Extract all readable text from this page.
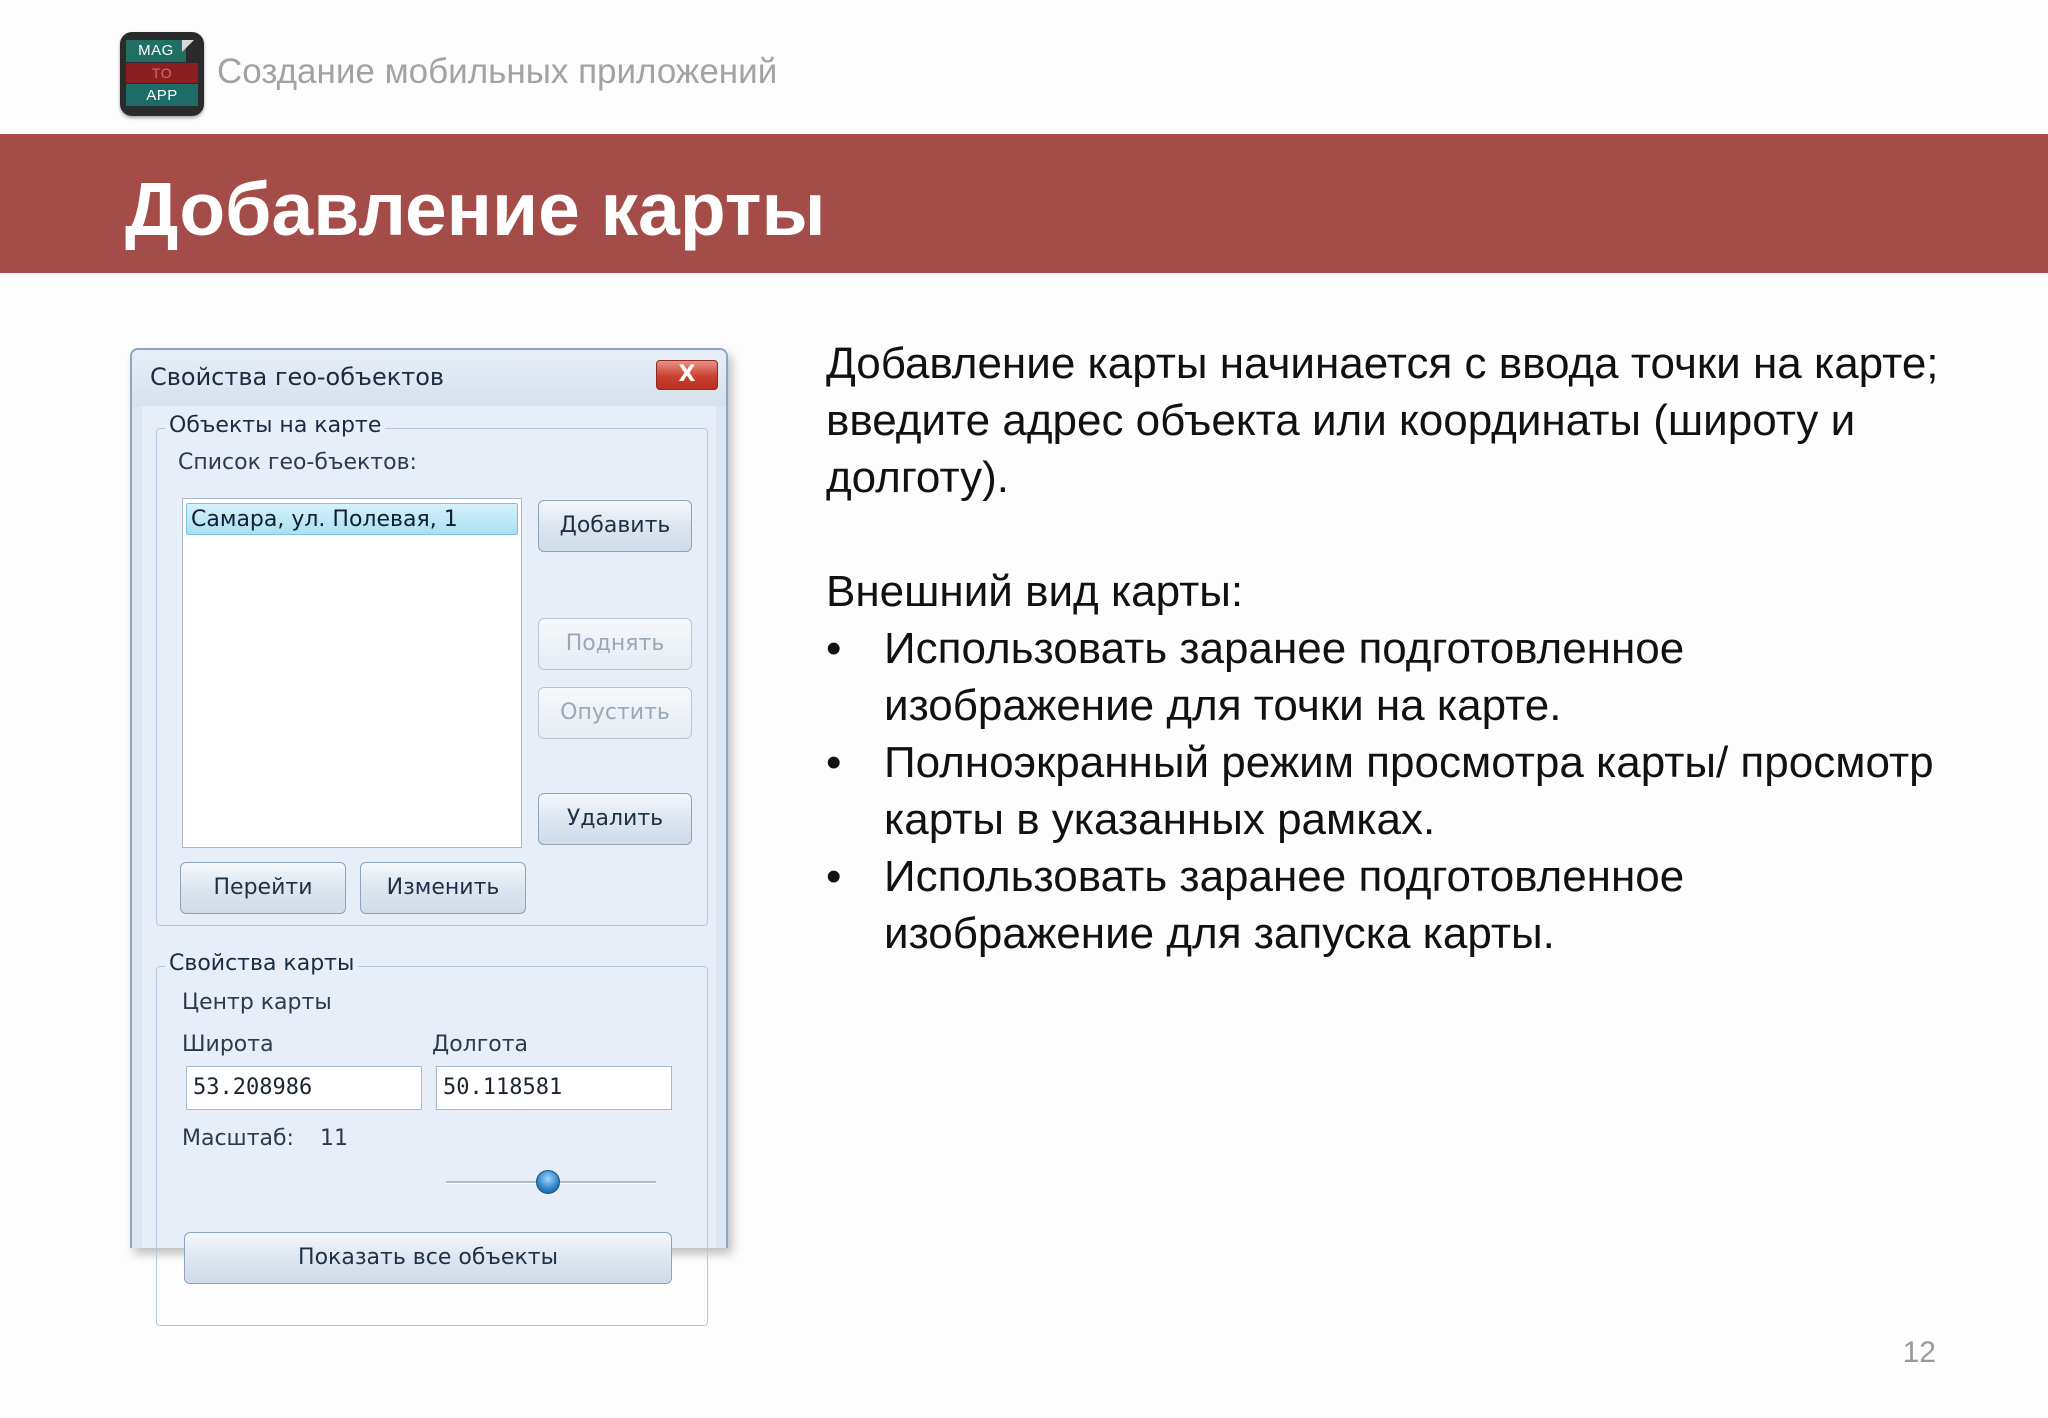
MAG
TO
APP
Создание мобильных приложений
Добавление карты
Свойства гео-объектов	X
Объекты на карте
Список гео-бъектов:
Самара, ул. Полевая, 1	Добавить
Поднять
Опустить
Удалить
Перейти	Изменить
Свойства карты
Центр карты
Широта	Долгота
53.208986	50.118581
Масштаб: 11
Показать все объекты

Добавление карты начинается с ввода точки на карте; введите адрес объекта или координаты (широту и долготу).

Внешний вид карты:

• Использовать заранее подготовленное изображение для точки на карте.
• Полноэкранный режим просмотра карты/ просмотр карты в указанных рамках.
• Использовать заранее подготовленное изображение для запуска карты.
12
